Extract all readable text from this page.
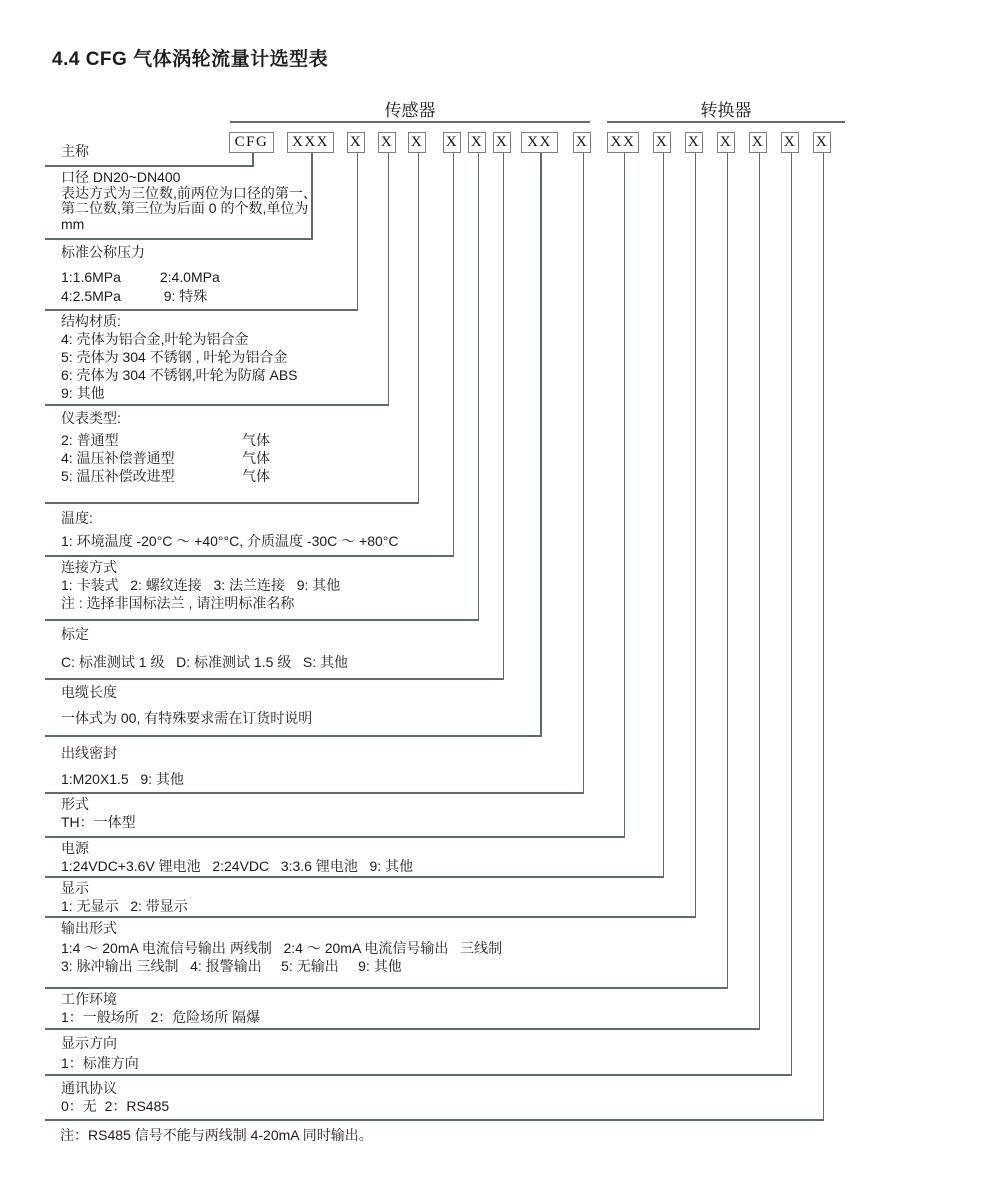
4.4 CFG 气体涡轮流量计选型表
传感器	转换器
CFG	XXX	X X X X X X	XX	X XX X X X X X X
主称
口径 DN20~DN400
表达方式为三位数,前两位为口径的第一、
第二位数,第三位为后面 0 的个数,单位为
mm
标准公称压力
1:1.6MPa          2:4.0MPa
4:2.5MPa           9: 特殊
结构材质:
4: 壳体为铝合金,叶轮为铝合金
5: 壳体为 304 不锈钢 , 叶轮为铝合金
6: 壳体为 304 不锈钢,叶轮为防腐 ABS
9: 其他
仪表类型:
2: 普通型	气体
4: 温压补偿普通型	气体
5: 温压补偿改进型	气体
温度:
1: 环境温度 -20°C ～ +40°°C, 介质温度 -30C ～ +80°C
连接方式
1: 卡装式   2: 螺纹连接   3: 法兰连接   9: 其他
注 : 选择非国标法兰 , 请注明标准名称
标定
C: 标准测试 1 级   D: 标准测试 1.5 级   S: 其他
电缆长度
一体式为 00, 有特殊要求需在订货时说明
出线密封
1:M20X1.5   9: 其他
形式
TH：一体型
电源
1:24VDC+3.6V 锂电池   2:24VDC   3:3.6 锂电池   9: 其他
显示
1: 无显示   2: 带显示
输出形式
1:4 ～ 20mA 电流信号输出 两线制   2:4 ～ 20mA 电流信号输出   三线制
3: 脉冲输出 三线制   4: 报警输出     5: 无输出     9: 其他
工作环境
1：一般场所   2：危险场所 隔爆
显示方向
1：标准方向
通讯协议
0：无  2：RS485
注：RS485 信号不能与两线制 4-20mA 同时输出。
